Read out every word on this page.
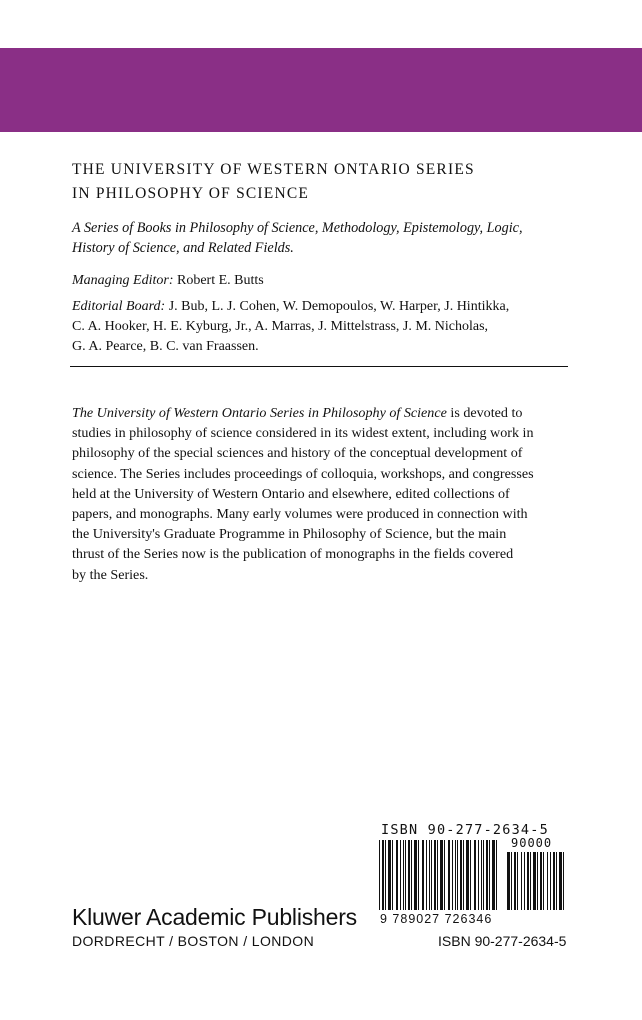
THE UNIVERSITY OF WESTERN ONTARIO SERIES
IN PHILOSOPHY OF SCIENCE
A Series of Books in Philosophy of Science, Methodology, Epistemology, Logic,
History of Science, and Related Fields.
Managing Editor: Robert E. Butts
Editorial Board: J. Bub, L. J. Cohen, W. Demopoulos, W. Harper, J. Hintikka,
C. A. Hooker, H. E. Kyburg, Jr., A. Marras, J. Mittelstrass, J. M. Nicholas,
G. A. Pearce, B. C. van Fraassen.
The University of Western Ontario Series in Philosophy of Science is devoted to
studies in philosophy of science considered in its widest extent, including work in
philosophy of the special sciences and history of the conceptual development of
science. The Series includes proceedings of colloquia, workshops, and congresses
held at the University of Western Ontario and elsewhere, edited collections of
papers, and monographs. Many early volumes were produced in connection with
the University's Graduate Programme in Philosophy of Science, but the main
thrust of the Series now is the publication of monographs in the fields covered
by the Series.
ISBN 90-277-2634-5
90000
9 789027 726346
Kluwer Academic Publishers
DORDRECHT / BOSTON / LONDON	ISBN 90-277-2634-5
